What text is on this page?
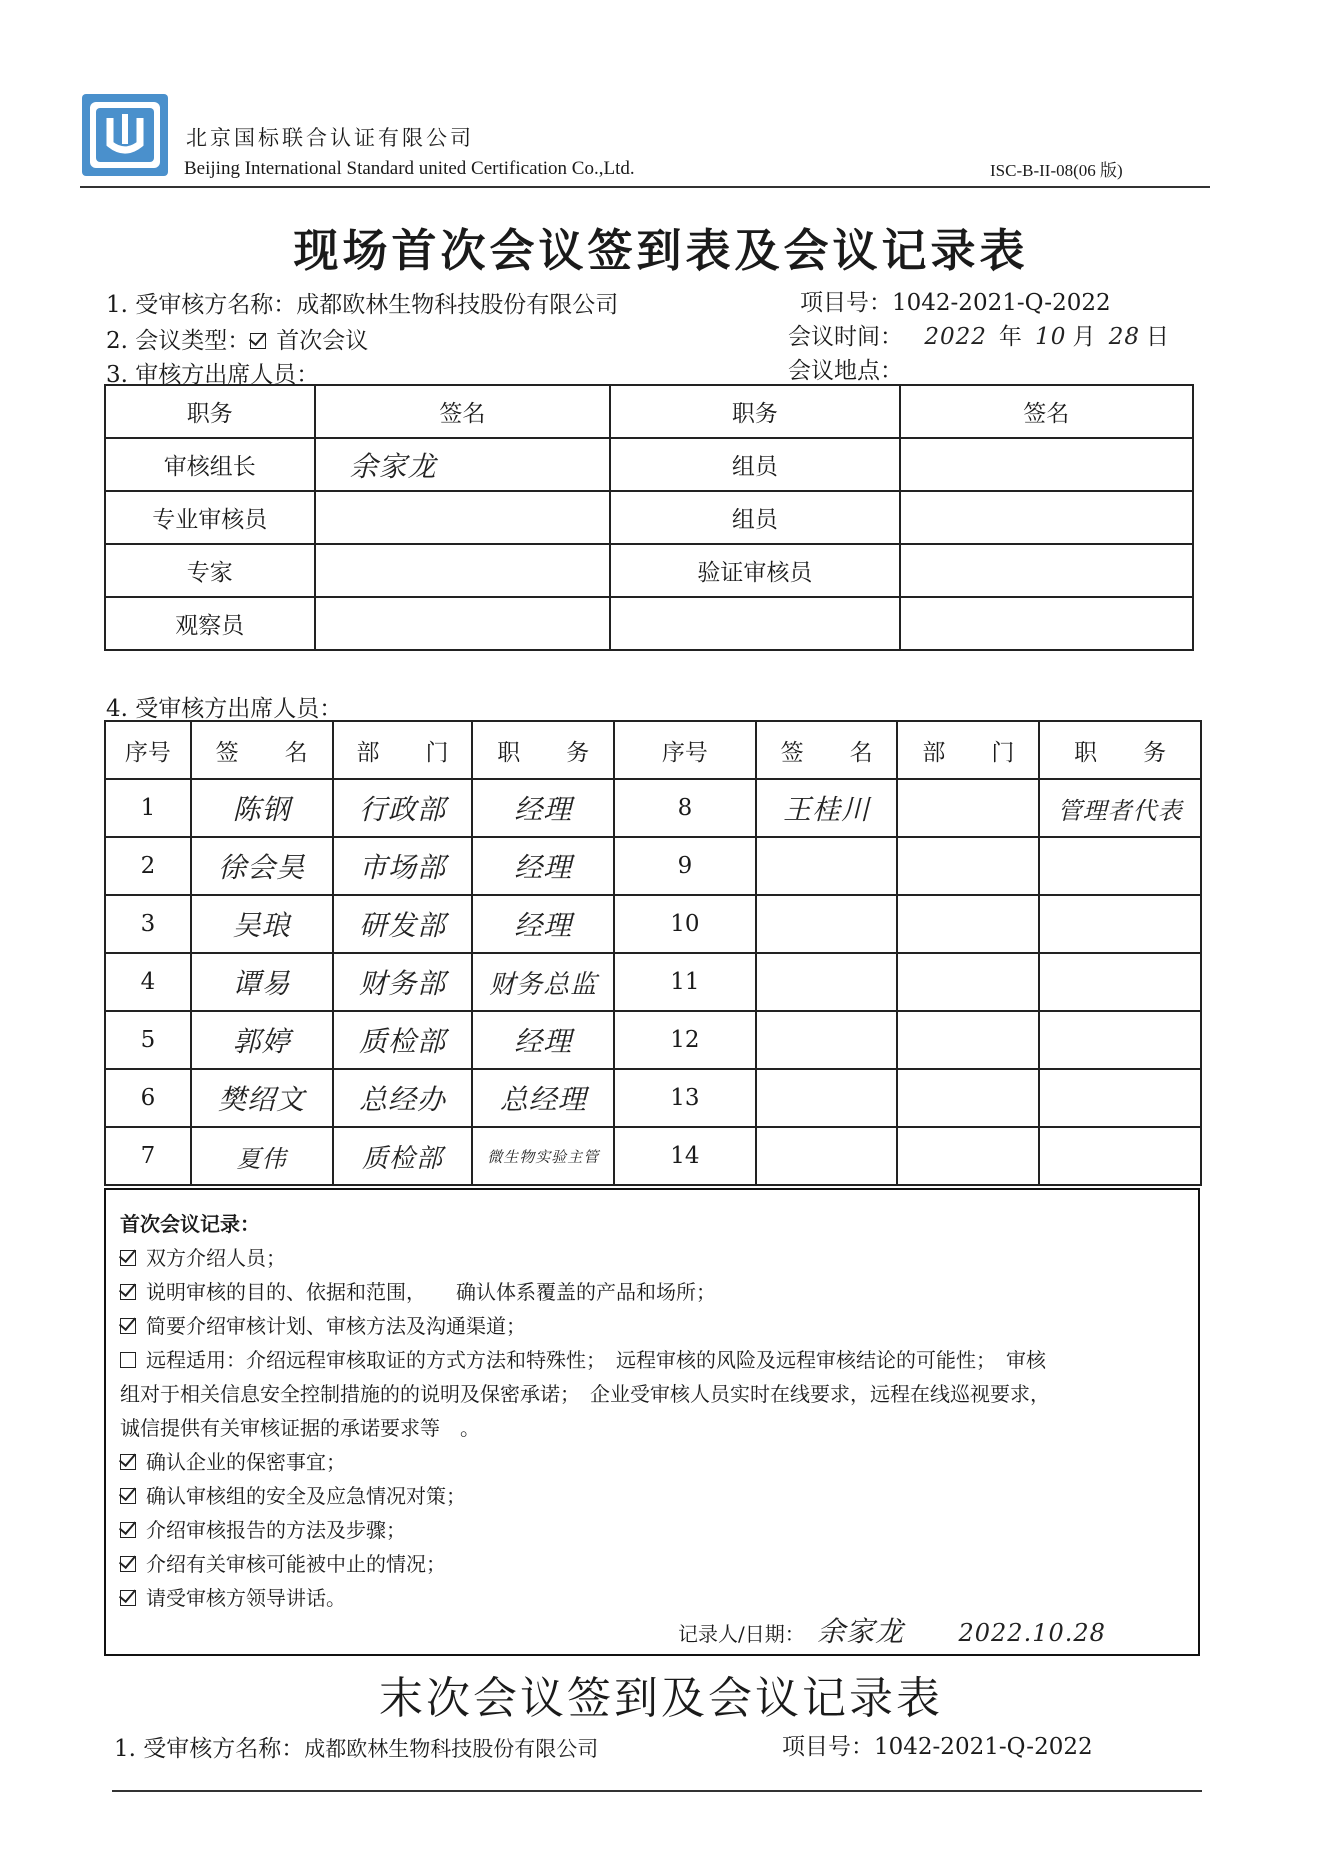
北京国标联合认证有限公司
Beijing International Standard united Certification Co.,Ltd.	ISC-B-II-08(06 版)
现场首次会议签到表及会议记录表
1. 受审核方名称：成都欧林生物科技股份有限公司	项目号：1042-2021-Q-2022
2. 会议类型： 首次会议	会议时间： 2022 年 10 月 28 日
3. 审核方出席人员：	会议地点：
职务	签名	职务	签名
审核组长	余家龙	组员	
专业审核员		组员	
专家		验证审核员	
观察员			
4. 受审核方出席人员：
序号	签　　名	部　　门	职　　务	序号	签　　名	部　　门	职　　务
1	陈钢	行政部	经理	8	王桂川		管理者代表
2	徐会昊	市场部	经理	9			
3	吴琅	研发部	经理	10			
4	谭易	财务部	财务总监	11			
5	郭婷	质检部	经理	12			
6	樊绍文	总经办	总经理	13			
7	夏伟	质检部	微生物实验主管	14			
首次会议记录：
双方介绍人员；
说明审核的目的、依据和范围，　　确认体系覆盖的产品和场所；
简要介绍审核计划、审核方法及沟通渠道；
远程适用：介绍远程审核取证的方式方法和特殊性；　远程审核的风险及远程审核结论的可能性；　审核
组对于相关信息安全控制措施的的说明及保密承诺；　企业受审核人员实时在线要求，远程在线巡视要求，
诚信提供有关审核证据的承诺要求等　。
确认企业的保密事宜；
确认审核组的安全及应急情况对策；
介绍审核报告的方法及步骤；
介绍有关审核可能被中止的情况；
请受审核方领导讲话。
记录人/日期： 余家龙 2022.10.28
末次会议签到及会议记录表
1. 受审核方名称：成都欧林生物科技股份有限公司	项目号：1042-2021-Q-2022
